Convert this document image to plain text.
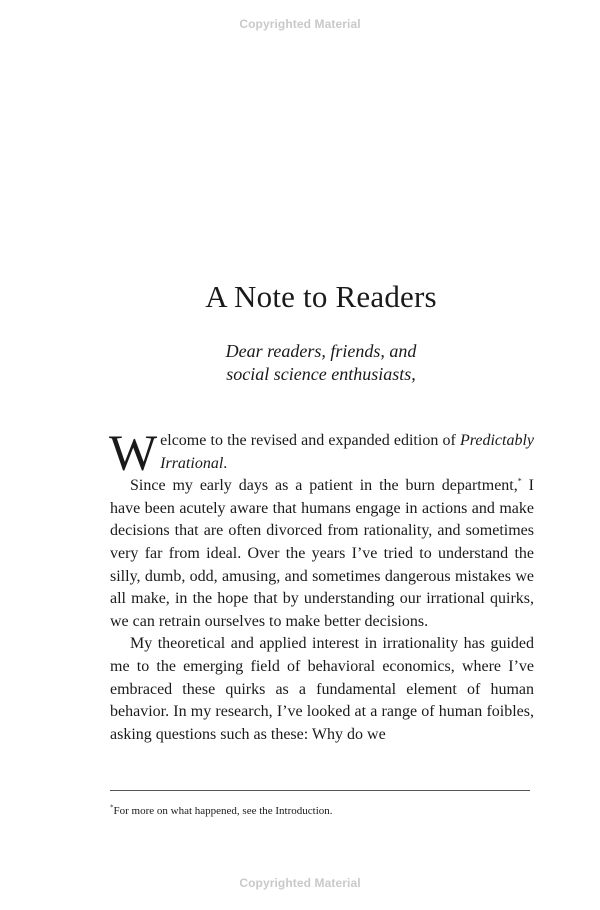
Copyrighted Material
A Note to Readers
Dear readers, friends, and
social science enthusiasts,

Welcome to the revised and expanded edition of Predictably Irrational.

Since my early days as a patient in the burn department,* I have been acutely aware that humans engage in actions and make decisions that are often divorced from rationality, and sometimes very far from ideal. Over the years I’ve tried to understand the silly, dumb, odd, amusing, and sometimes dangerous mistakes we all make, in the hope that by understanding our irrational quirks, we can retrain ourselves to make better decisions.

My theoretical and applied interest in irrationality has guided me to the emerging field of behavioral economics, where I’ve embraced these quirks as a fundamental element of human behavior. In my research, I’ve looked at a range of human foibles, asking questions such as these: Why do we

*For more on what happened, see the Introduction.
Copyrighted Material
